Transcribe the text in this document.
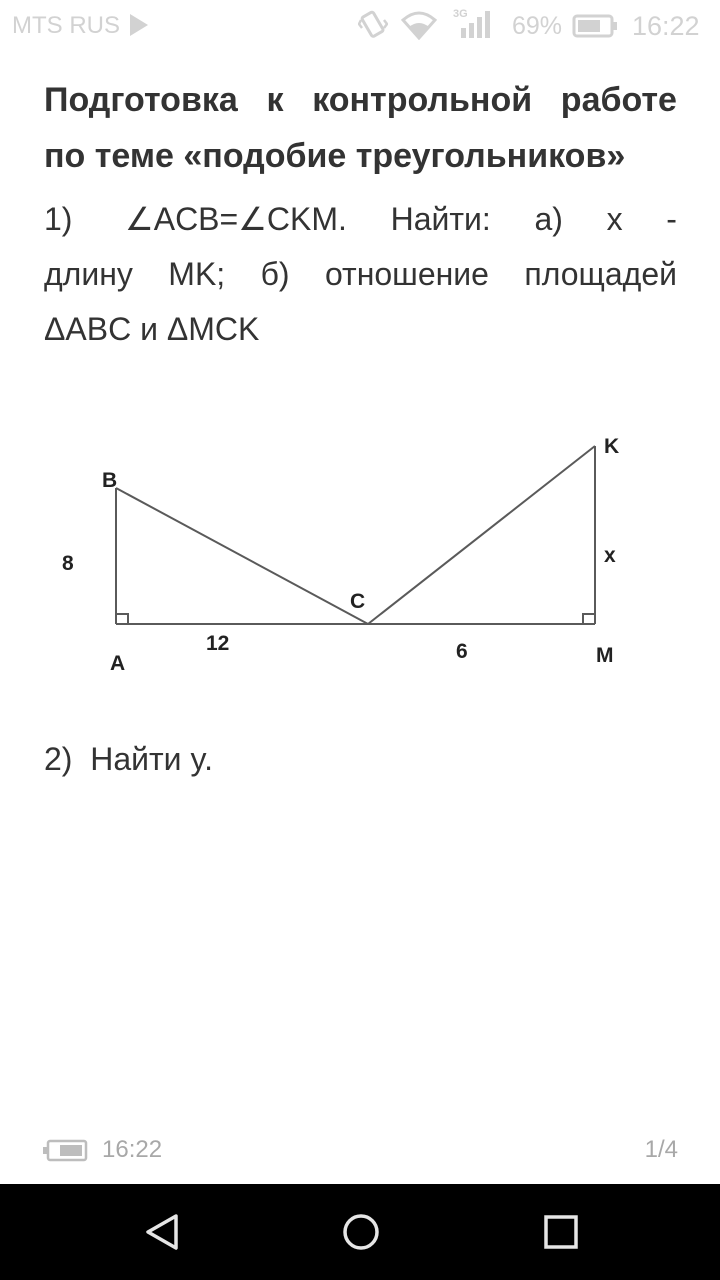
MTS RUS	3G 69%	16:22
Подготовка к контрольной работе
по теме «подобие треугольников»
1) ∠ACB=∠CKM. Найти: а) x -
длину MK; б) отношение площадей
ΔABC и ΔMCK
B
A
C
K
M
8
12	6
x
2)  Найти y.
16:22	1/4
